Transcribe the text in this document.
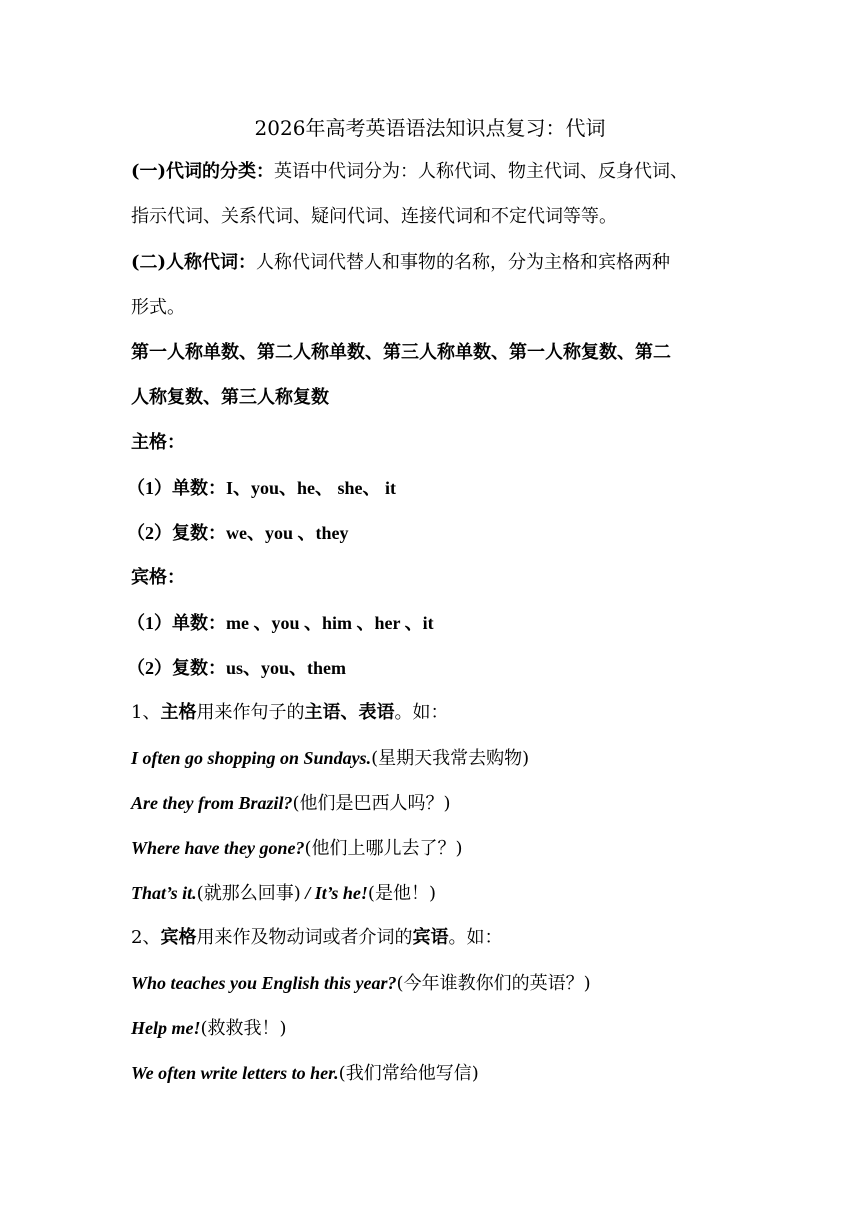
2026年高考英语语法知识点复习：代词
(一)代词的分类：英语中代词分为：人称代词、物主代词、反身代词、
指示代词、关系代词、疑问代词、连接代词和不定代词等等。
(二)人称代词：人称代词代替人和事物的名称，分为主格和宾格两种
形式。
第一人称单数、第二人称单数、第三人称单数、第一人称复数、第二
人称复数、第三人称复数
主格：
（1）单数：I、you、he、 she、 it
（2）复数：we、you 、they
宾格：
（1）单数：me 、you 、him 、her 、it
（2）复数：us、you、them
1、主格用来作句子的主语、表语。如：
I often go shopping on Sundays.(星期天我常去购物)
Are they from Brazil?(他们是巴西人吗？)
Where have they gone?(他们上哪儿去了？)
That’s it.(就那么回事) / It’s he!(是他！)
2、宾格用来作及物动词或者介词的宾语。如：
Who teaches you English this year?(今年谁教你们的英语？)
Help me!(救救我！)
We often write letters to her.(我们常给他写信)
